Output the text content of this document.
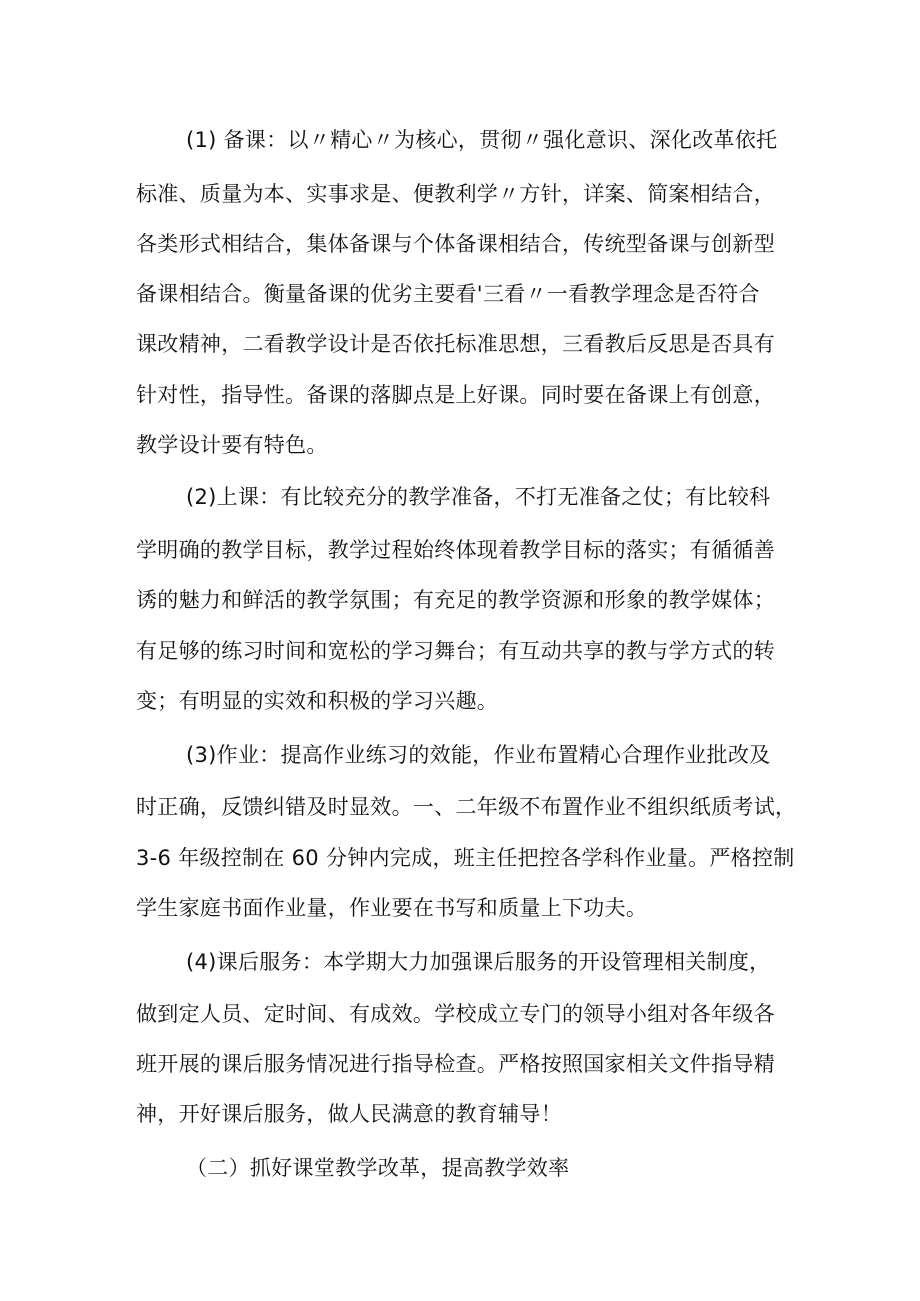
(1) 备课：以〃精心〃为核心，贯彻〃强化意识、深化改革依托
标准、质量为本、实事求是、便教利学〃方针，详案、简案相结合，
各类形式相结合，集体备课与个体备课相结合，传统型备课与创新型
备课相结合。衡量备课的优劣主要看'三看〃一看教学理念是否符合
课改精神，二看教学设计是否依托标准思想，三看教后反思是否具有
针对性，指导性。备课的落脚点是上好课。同时要在备课上有创意，
教学设计要有特色。
(2)上课：有比较充分的教学准备，不打无准备之仗；有比较科
学明确的教学目标，教学过程始终体现着教学目标的落实；有循循善
诱的魅力和鲜活的教学氛围；有充足的教学资源和形象的教学媒体；
有足够的练习时间和宽松的学习舞台；有互动共享的教与学方式的转
变；有明显的实效和积极的学习兴趣。
(3)作业：提高作业练习的效能，作业布置精心合理作业批改及
时正确，反馈纠错及时显效。一、二年级不布置作业不组织纸质考试，
3-6 年级控制在 60 分钟内完成，班主任把控各学科作业量。严格控制
学生家庭书面作业量，作业要在书写和质量上下功夫。
(4)课后服务：本学期大力加强课后服务的开设管理相关制度，
做到定人员、定时间、有成效。学校成立专门的领导小组对各年级各
班开展的课后服务情况进行指导检查。严格按照国家相关文件指导精
神，开好课后服务，做人民满意的教育辅导！
（二）抓好课堂教学改革，提高教学效率
